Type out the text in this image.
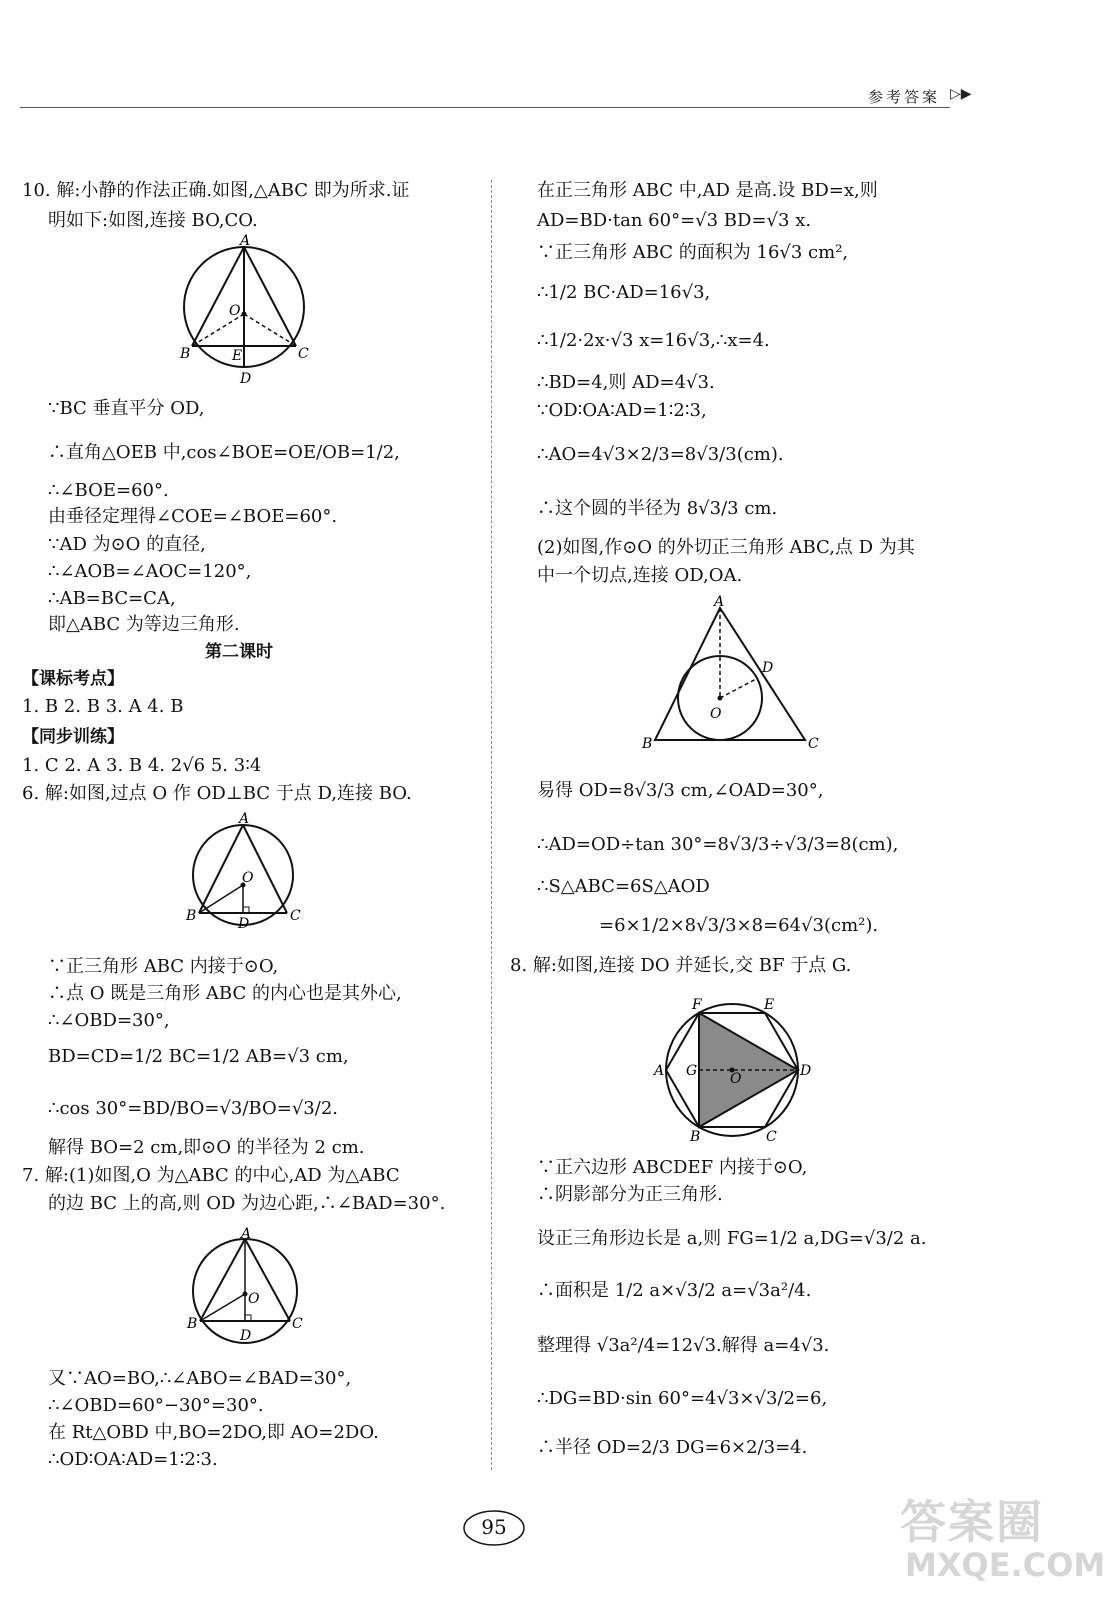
参考答案 ▷▶
10. 解:小静的作法正确.如图,△ABC 即为所求.证
明如下:如图,连接 BO,CO.
∵BC 垂直平分 OD,
∴直角△OEB 中,cos∠BOE=OE/OB=1/2,
∴∠BOE=60°.
由垂径定理得∠COE=∠BOE=60°.
∵AD 为⊙O 的直径,
∴∠AOB=∠AOC=120°,
∴AB=BC=CA,
即△ABC 为等边三角形.
1. B 2. B 3. A 4. B
1. C 2. A 3. B 4. 2√6 5. 3∶4
6. 解:如图,过点 O 作 OD⊥BC 于点 D,连接 BO.
∵正三角形 ABC 内接于⊙O,
∴点 O 既是三角形 ABC 的内心也是其外心,
∴∠OBD=30°,
BD=CD=1/2 BC=1/2 AB=√3 cm,
∴cos 30°=BD/BO=√3/BO=√3/2.
解得 BO=2 cm,即⊙O 的半径为 2 cm.
7. 解:(1)如图,O 为△ABC 的中心,AD 为△ABC
的边 BC 上的高,则 OD 为边心距,∴∠BAD=30°.
又∵AO=BO,∴∠ABO=∠BAD=30°,
∴∠OBD=60°−30°=30°.
在 Rt△OBD 中,BO=2DO,即 AO=2DO.
∴OD∶OA∶AD=1∶2∶3.
第二课时
【课标考点】
【同步训练】
在正三角形 ABC 中,AD 是高.设 BD=x,则
AD=BD·tan 60°=√3 BD=√3 x.
∵正三角形 ABC 的面积为 16√3 cm²,
∴1/2 BC·AD=16√3,
∴1/2·2x·√3 x=16√3,∴x=4.
∴BD=4,则 AD=4√3.
∵OD∶OA∶AD=1∶2∶3,
∴AO=4√3×2/3=8√3/3(cm).
∴这个圆的半径为 8√3/3 cm.
(2)如图,作⊙O 的外切正三角形 ABC,点 D 为其
中一个切点,连接 OD,OA.
易得 OD=8√3/3 cm,∠OAD=30°,
∴AD=OD÷tan 30°=8√3/3÷√3/3=8(cm),
∴S△ABC=6S△AOD
=6×1/2×8√3/3×8=64√3(cm²).
8. 解:如图,连接 DO 并延长,交 BF 于点 G.
∵正六边形 ABCDEF 内接于⊙O,
∴阴影部分为正三角形.
设正三角形边长是 a,则 FG=1/2 a,DG=√3/2 a.
∴面积是 1/2 a×√3/2 a=√3a²/4.
整理得 √3a²/4=12√3.解得 a=4√3.
∴DG=BD·sin 60°=4√3×√3/2=6,
∴半径 OD=2/3 DG=6×2/3=4.
A
O
B	E	C
D
A
O
B	D	C
A
O
B
D
C
A
D
O
B	C
F	E
A G O	D
B	C
95	答案圈
MXQE.COM
